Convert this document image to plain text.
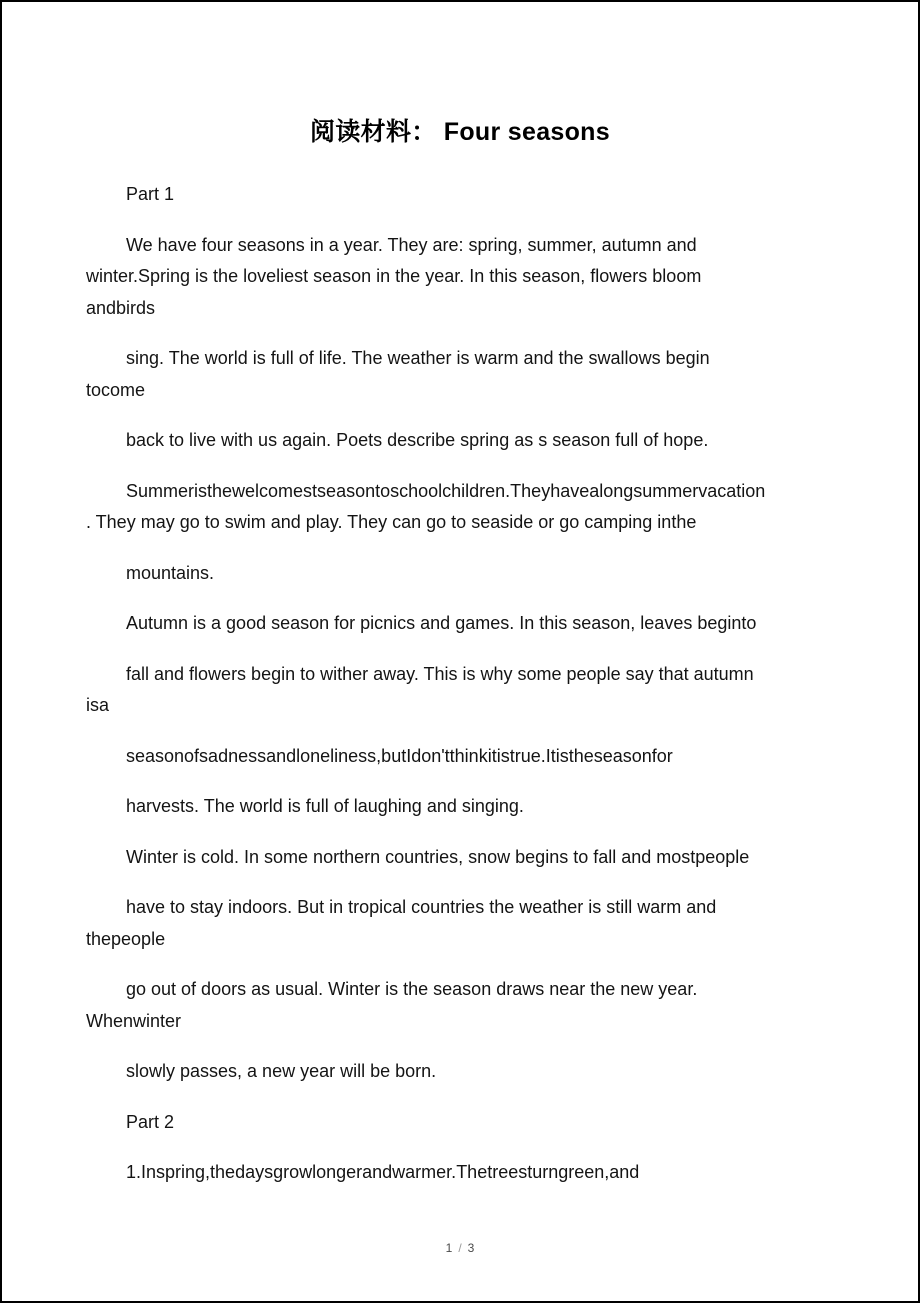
阅读材料： Four seasons
Part 1
We have four seasons in a year. They are: spring, summer, autumn and
winter.Spring is the loveliest season in the year. In this season, flowers bloom
andbirds
sing. The world is full of life. The weather is warm and the swallows begin
tocome
back to live with us again. Poets describe spring as s season full of hope.
Summeristhewelcomestseasontoschoolchildren.Theyhavealongsummervacation
. They may go to swim and play. They can go to seaside or go camping inthe
mountains.
Autumn is a good season for picnics and games. In this season, leaves beginto
fall and flowers begin to wither away. This is why some people say that autumn
isa
seasonofsadnessandloneliness,butIdon'tthinkitistrue.Itistheseasonfor
harvests. The world is full of laughing and singing.
Winter is cold. In some northern countries, snow begins to fall and mostpeople
have to stay indoors. But in tropical countries the weather is still warm and
thepeople
go out of doors as usual. Winter is the season draws near the new year.
Whenwinter
slowly passes, a new year will be born.
Part 2
1.Inspring,thedaysgrowlongerandwarmer.Thetreesturngreen,and
1 / 3
